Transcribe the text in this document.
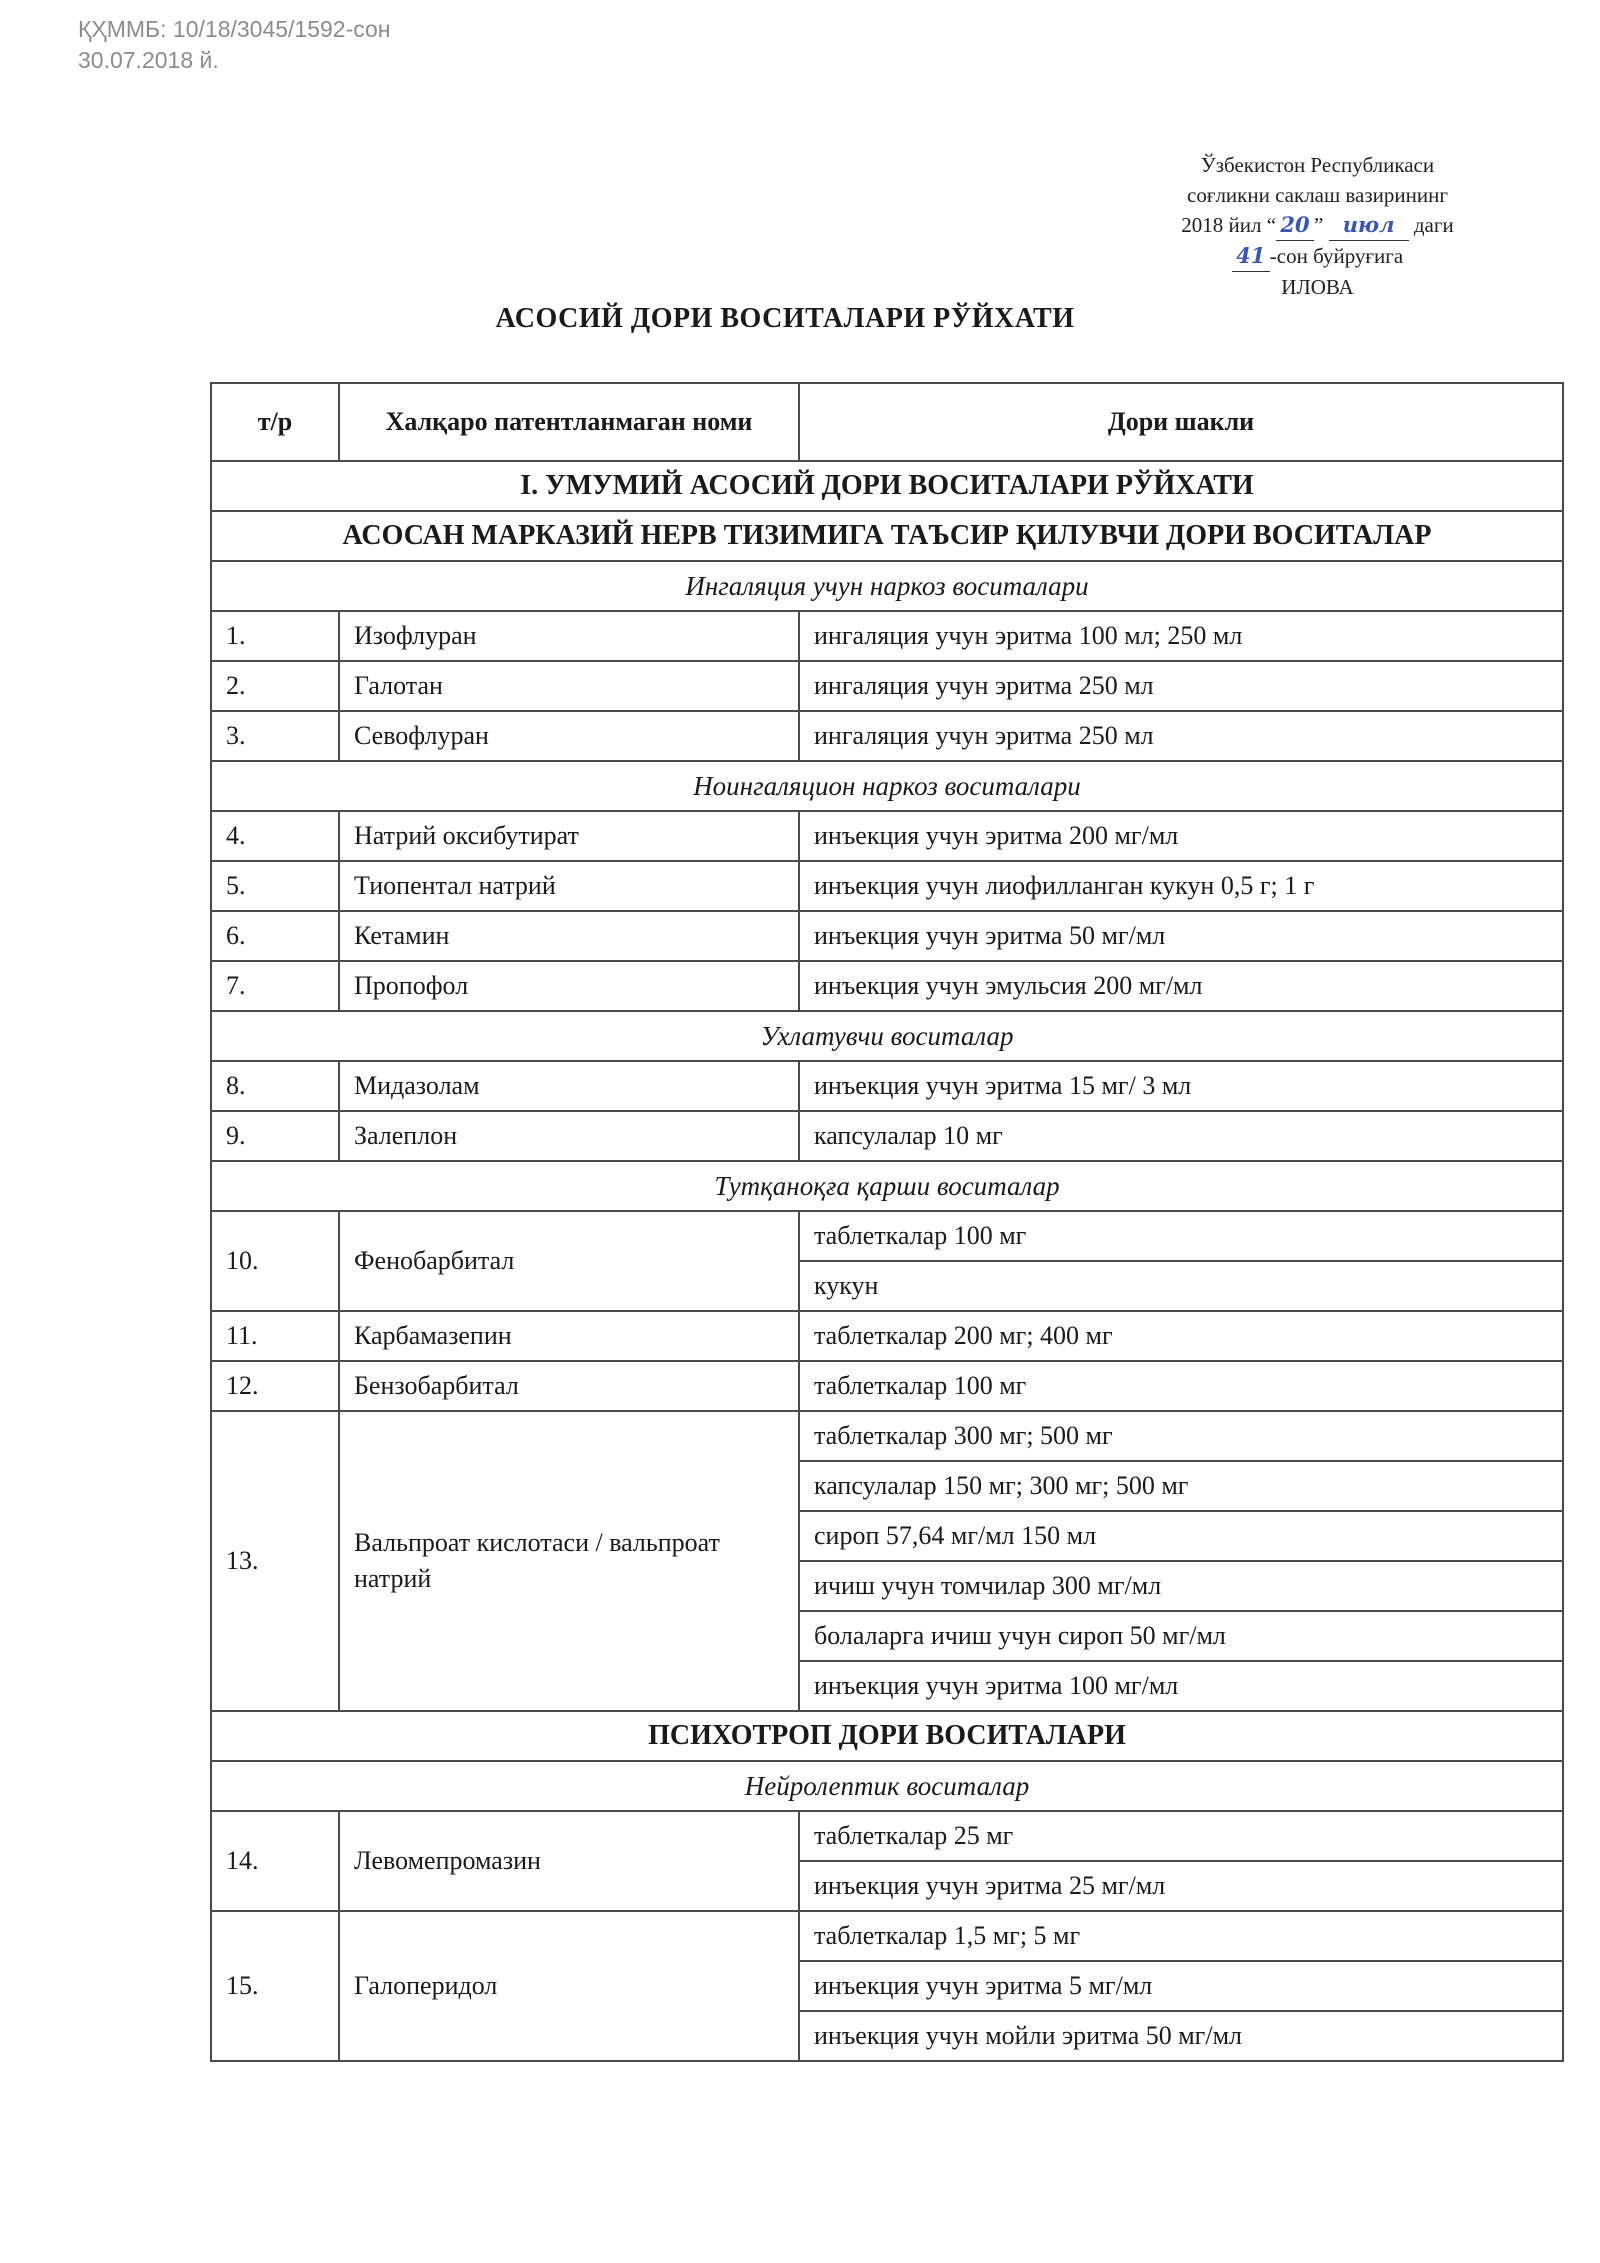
ҚҲММБ: 10/18/3045/1592-сон
30.07.2018 й.
Ўзбекистон Республикаси
соғликни саклаш вазирининг
2018 йил “ 20 ” июл даги
41 -сон буйруғига
ИЛОВА
АСОСИЙ ДОРИ ВОСИТАЛАРИ РЎЙХАТИ
т/р	Халқаро патентланмаган номи	Дори шакли
I. УМУМИЙ АСОСИЙ ДОРИ ВОСИТАЛАРИ РЎЙХАТИ		
АСОСАН МАРКАЗИЙ НЕРВ ТИЗИМИГА ТАЪСИР ҚИЛУВЧИ ДОРИ ВОСИТАЛАР		
Ингаляция учун наркоз воситалари		
1.	Изофлуран	ингаляция учун эритма 100 мл; 250 мл
2.	Галотан	ингаляция учун эритма 250 мл
3.	Севофлуран	ингаляция учун эритма 250 мл
Ноингаляцион наркоз воситалари		
4.	Натрий оксибутират	инъекция учун эритма 200 мг/мл
5.	Тиопентал натрий	инъекция учун лиофилланган кукун 0,5 г; 1 г
6.	Кетамин	инъекция учун эритма 50 мг/мл
7.	Пропофол	инъекция учун эмульсия 200 мг/мл
Ухлатувчи воситалар		
8.	Мидазолам	инъекция учун эритма 15 мг/ 3 мл
9.	Залеплон	капсулалар 10 мг
Тутқаноқға қарши воситалар		
10.	Фенобарбитал	таблеткалар 100 мг
		кукун
11.	Карбамазепин	таблеткалар 200 мг; 400 мг
12.	Бензобарбитал	таблеткалар 100 мг
13.	Вальпроат кислотаси / вальпроат натрий	таблеткалар 300 мг; 500 мг
		капсулалар 150 мг; 300 мг; 500 мг
		сироп 57,64 мг/мл 150 мл
		ичиш учун томчилар 300 мг/мл
		болаларга ичиш учун сироп 50 мг/мл
		инъекция учун эритма 100 мг/мл
ПСИХОТРОП ДОРИ ВОСИТАЛАРИ		
Нейролептик воситалар		
14.	Левомепромазин	таблеткалар 25 мг
		инъекция учун эритма 25 мг/мл
15.	Галоперидол	таблеткалар 1,5 мг; 5 мг
		инъекция учун эритма 5 мг/мл
		инъекция учун мойли эритма 50 мг/мл
